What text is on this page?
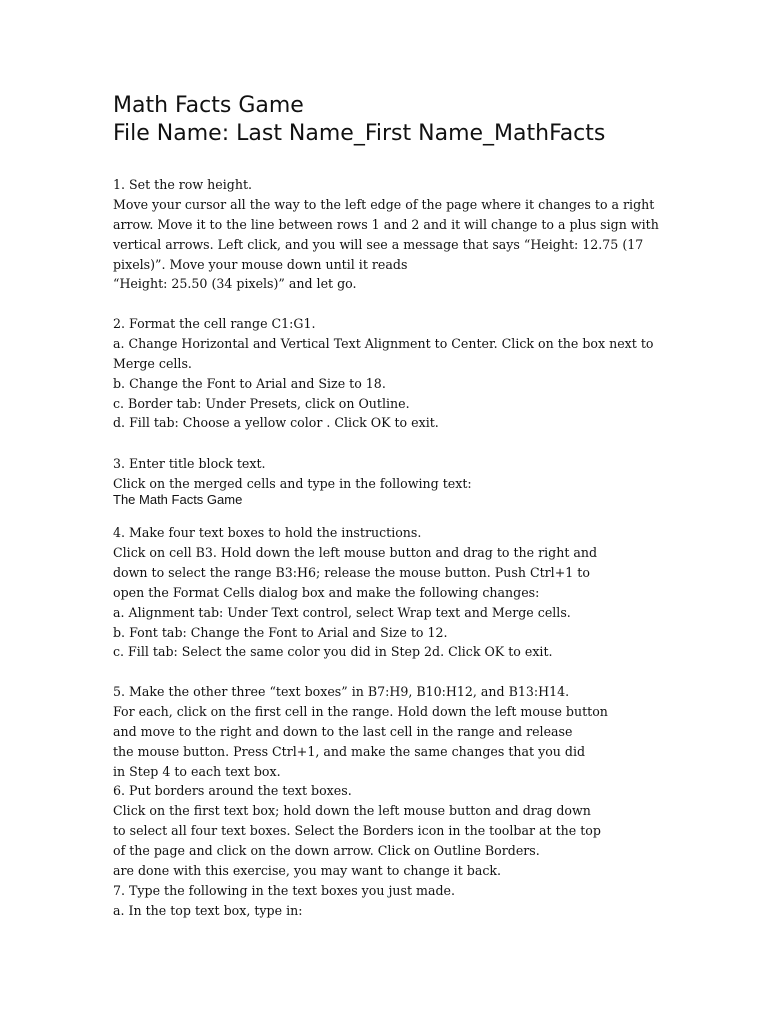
Math Facts Game
File Name: Last Name_First Name_MathFacts
1. Set the row height.
Move your cursor all the way to the left edge of the page where it changes to a right
arrow. Move it to the line between rows 1 and 2 and it will change to a plus sign with
vertical arrows. Left click, and you will see a message that says “Height: 12.75 (17
pixels)”. Move your mouse down until it reads
“Height: 25.50 (34 pixels)” and let go.
2. Format the cell range C1:G1.
a. Change Horizontal and Vertical Text Alignment to Center. Click on the box next to
Merge cells.
b. Change the Font to Arial and Size to 18.
c. Border tab: Under Presets, click on Outline.
d. Fill tab: Choose a yellow color . Click OK to exit.
3. Enter title block text.
Click on the merged cells and type in the following text:
The Math Facts Game
4. Make four text boxes to hold the instructions.
Click on cell B3. Hold down the left mouse button and drag to the right and
down to select the range B3:H6; release the mouse button. Push Ctrl+1 to
open the Format Cells dialog box and make the following changes:
a. Alignment tab: Under Text control, select Wrap text and Merge cells.
b. Font tab: Change the Font to Arial and Size to 12.
c. Fill tab: Select the same color you did in Step 2d. Click OK to exit.
5. Make the other three “text boxes” in B7:H9, B10:H12, and B13:H14.
For each, click on the first cell in the range. Hold down the left mouse button
and move to the right and down to the last cell in the range and release
the mouse button. Press Ctrl+1, and make the same changes that you did
in Step 4 to each text box.
6. Put borders around the text boxes.
Click on the first text box; hold down the left mouse button and drag down
to select all four text boxes. Select the Borders icon in the toolbar at the top
of the page and click on the down arrow. Click on Outline Borders.
are done with this exercise, you may want to change it back.
7. Type the following in the text boxes you just made.
a. In the top text box, type in:
